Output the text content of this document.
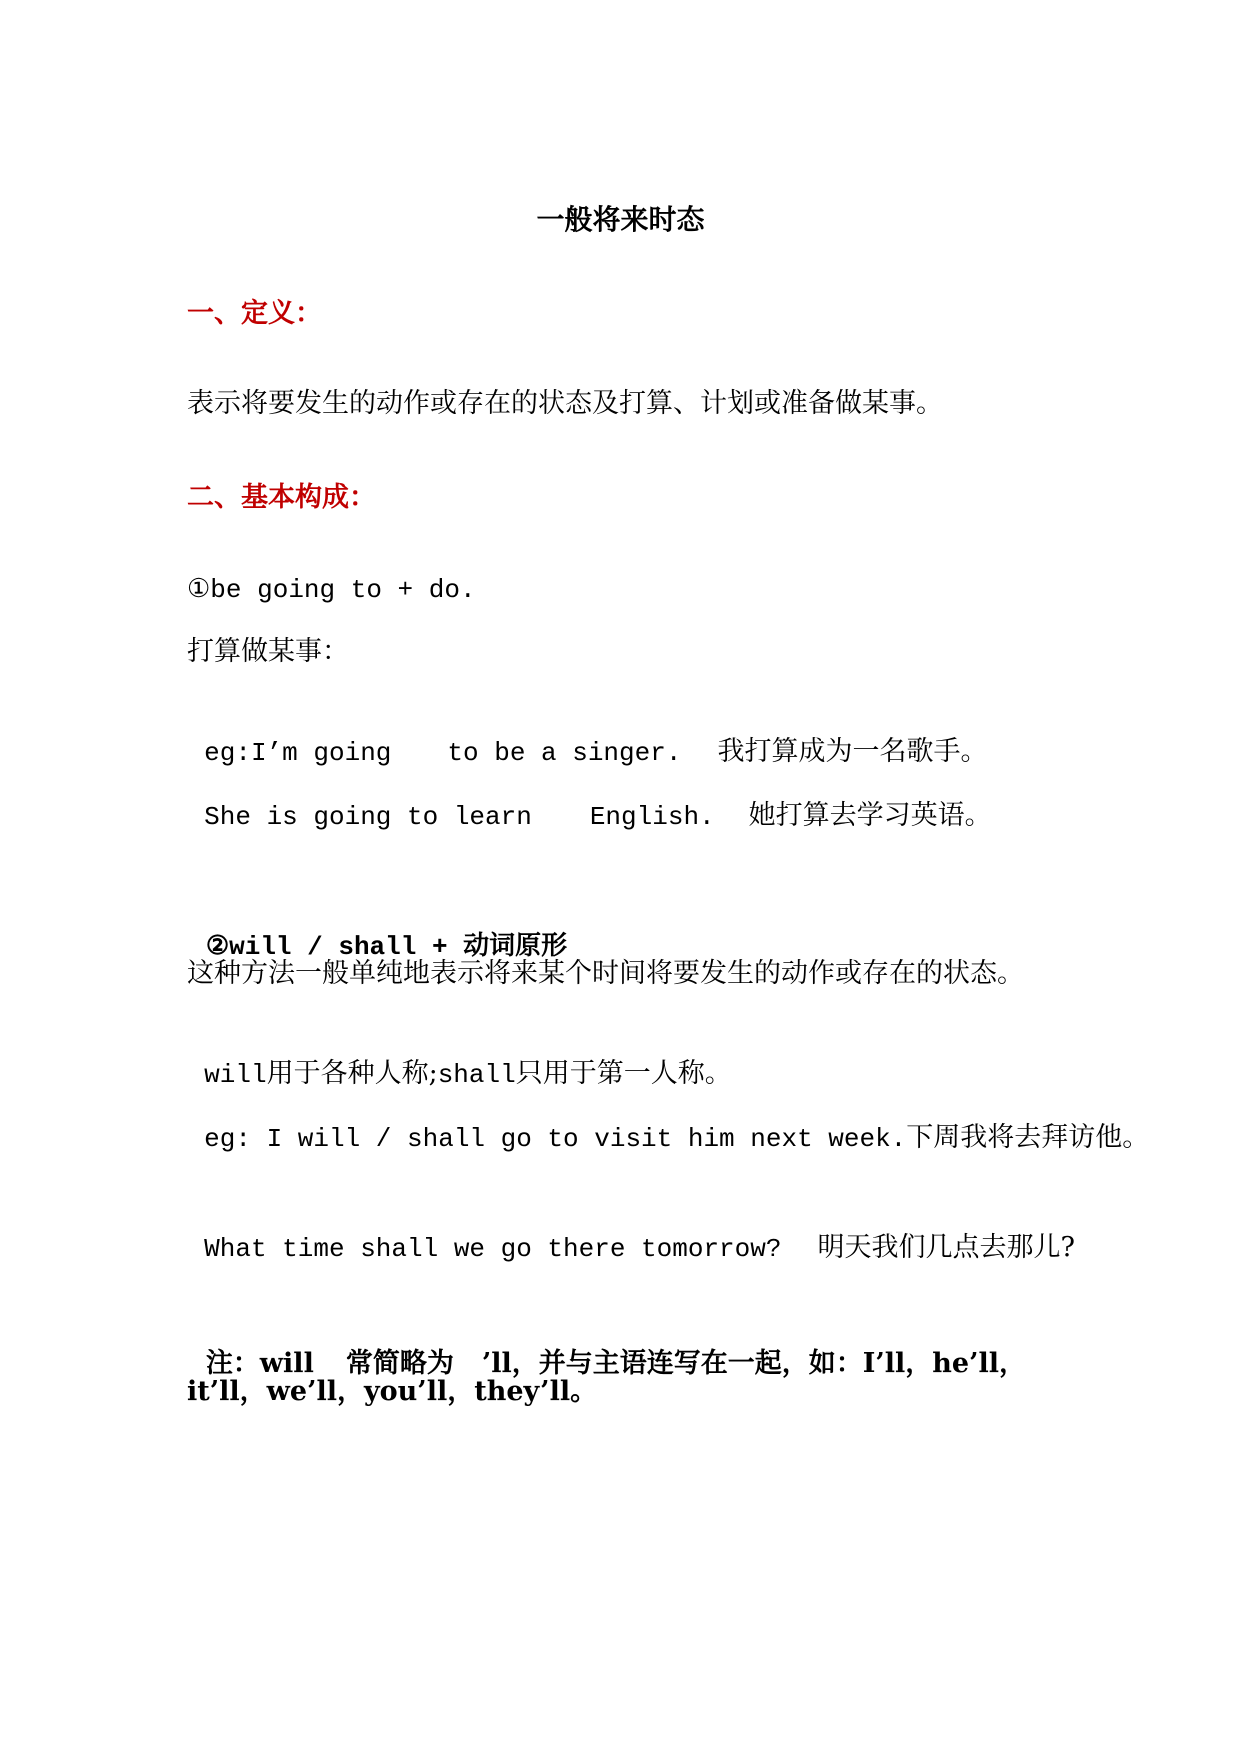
一般将来时态
一、定义：
表示将要发生的动作或存在的状态及打算、计划或准备做某事。
二、基本构成：
①be going to + do.
打算做某事：

eg:I’m going to be a singer. 我打算成为一名歌手。

She is going to learn English. 她打算去学习英语。

②will / shall + 动词原形

这种方法一般单纯地表示将来某个时间将要发生的动作或存在的状态。

will用于各种人称;shall只用于第一人称。

eg: I will / shall go to visit him next week.下周我将去拜访他。

What time shall we go there tomorrow? 明天我们几点去那儿?

注：will 常简略为 ’ll，并与主语连写在一起，如：I’ll，he’ll，

it’ll，we’ll，you’ll，they’ll。
